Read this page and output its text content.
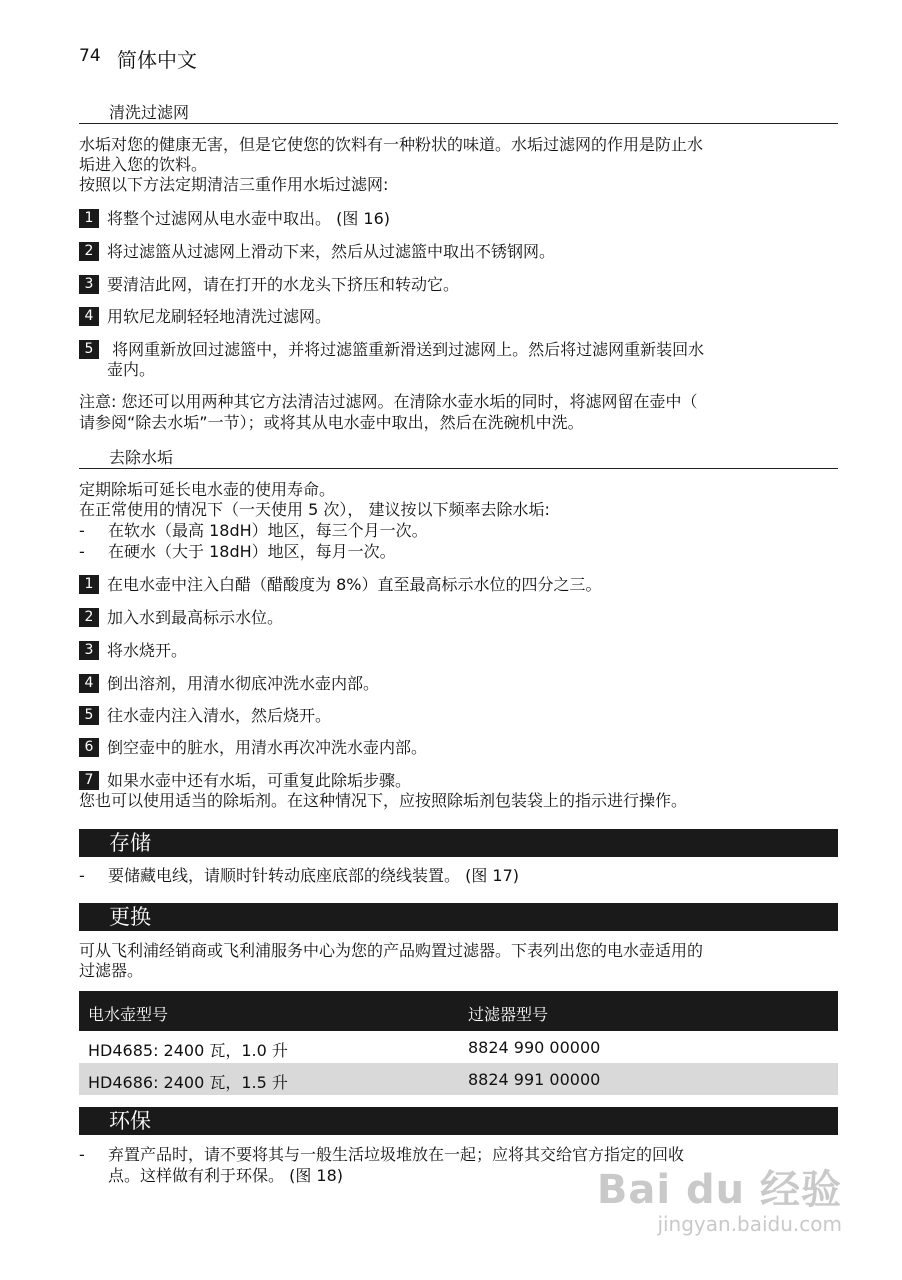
74 简体中文
清洗过滤网
水垢对您的健康无害，但是它使您的饮料有一种粉状的味道。水垢过滤网的作用是防止水
垢进入您的饮料。
按照以下方法定期清洁三重作用水垢过滤网:
1 将整个过滤网从电水壶中取出。 (图 16)
2 将过滤篮从过滤网上滑动下来，然后从过滤篮中取出不锈钢网。
3 要清洁此网，请在打开的水龙头下挤压和转动它。
4 用软尼龙刷轻轻地清洗过滤网。
5 将网重新放回过滤篮中，并将过滤篮重新滑送到过滤网上。然后将过滤网重新装回水
壶内。
注意: 您还可以用两种其它方法清洁过滤网。在清除水壶水垢的同时，将滤网留在壶中（
请参阅“除去水垢”一节）；或将其从电水壶中取出，然后在洗碗机中洗。
去除水垢
定期除垢可延长电水壶的使用寿命。
在正常使用的情况下（一天使用 5 次）， 建议按以下频率去除水垢:
- 在软水（最高 18dH）地区，每三个月一次。
- 在硬水（大于 18dH）地区，每月一次。
1 在电水壶中注入白醋（醋酸度为 8%）直至最高标示水位的四分之三。
2 加入水到最高标示水位。
3 将水烧开。
4 倒出溶剂，用清水彻底冲洗水壶内部。
5 往水壶内注入清水，然后烧开。
6 倒空壶中的脏水，用清水再次冲洗水壶内部。
7 如果水壶中还有水垢，可重复此除垢步骤。
您也可以使用适当的除垢剂。在这种情况下，应按照除垢剂包装袋上的指示进行操作。
存储
- 要储藏电线，请顺时针转动底座底部的绕线装置。 (图 17)
更换
可从飞利浦经销商或飞利浦服务中心为您的产品购置过滤器。下表列出您的电水壶适用的
过滤器。
电水壶型号	过滤器型号
HD4685: 2400 瓦，1.0 升	8824 990 00000
HD4686: 2400 瓦，1.5 升	8824 991 00000
环保
- 弃置产品时，请不要将其与一般生活垃圾堆放在一起；应将其交给官方指定的回收
点。这样做有利于环保。 (图 18)	Bai du 经验
jingyan.baidu.com
